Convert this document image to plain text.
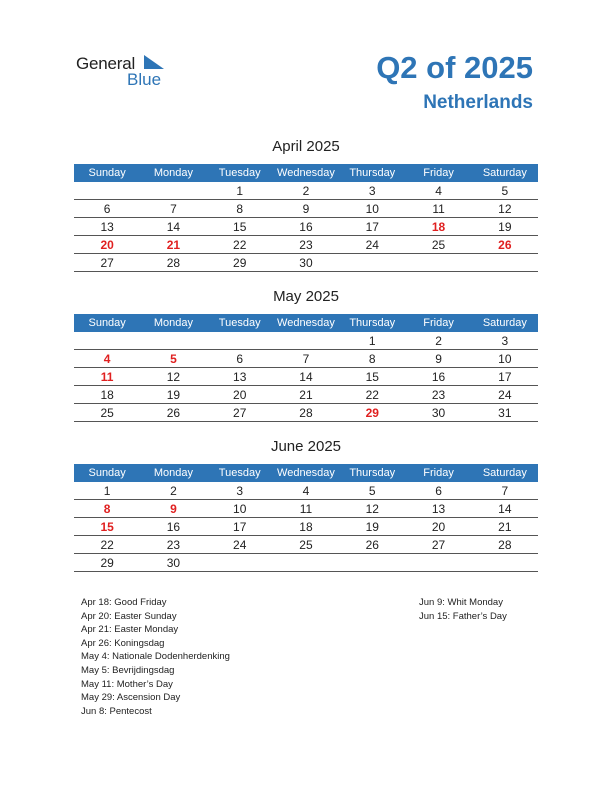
General
Blue	Q2 of 2025
Netherlands
April 2025
Sunday	Monday	Tuesday	Wednesday	Thursday	Friday	Saturday
		1	2	3	4	5
6	7	8	9	10	11	12
13	14	15	16	17	18	19
20	21	22	23	24	25	26
27	28	29	30			
May 2025
Sunday	Monday	Tuesday	Wednesday	Thursday	Friday	Saturday
				1	2	3
4	5	6	7	8	9	10
11	12	13	14	15	16	17
18	19	20	21	22	23	24
25	26	27	28	29	30	31
June 2025
Sunday	Monday	Tuesday	Wednesday	Thursday	Friday	Saturday
1	2	3	4	5	6	7
8	9	10	11	12	13	14
15	16	17	18	19	20	21
22	23	24	25	26	27	28
29	30					
Apr 18: Good Friday
Apr 20: Easter Sunday
Apr 21: Easter Monday
Apr 26: Koningsdag
May 4: Nationale Dodenherdenking
May 5: Bevrijdingsdag
May 11: Mother’s Day
May 29: Ascension Day
Jun 8: Pentecost
Jun 9: Whit Monday
Jun 15: Father’s Day
